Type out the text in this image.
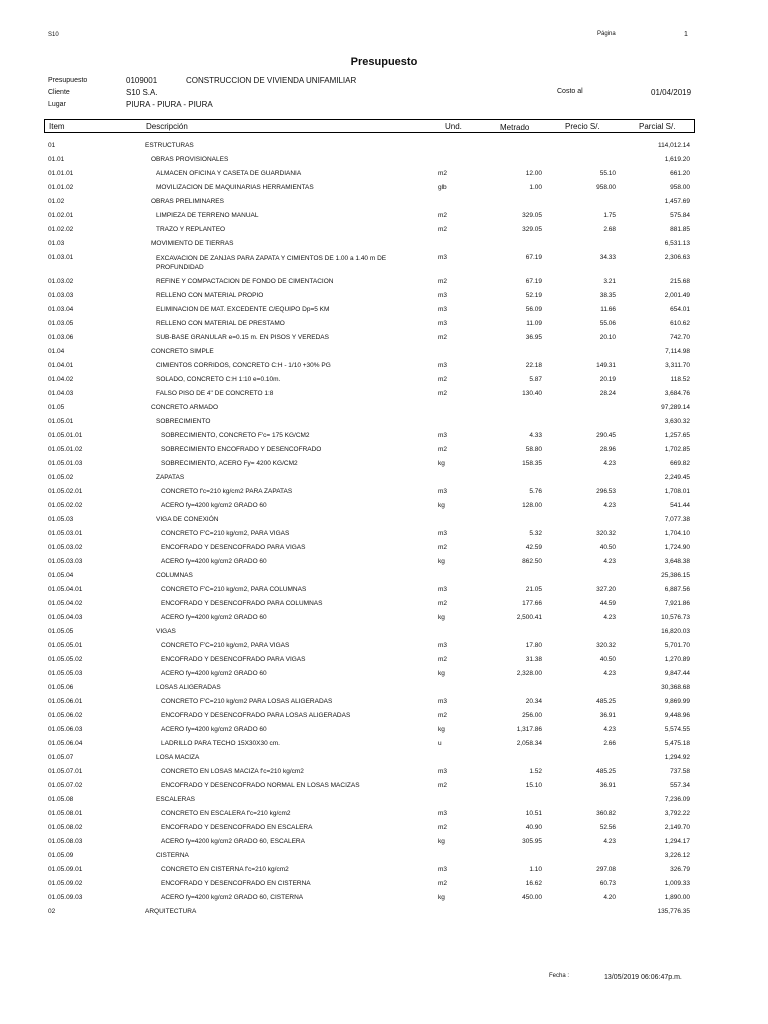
S10	Página	1
Presupuesto
Presupuesto	0109001	CONSTRUCCION DE VIVIENDA UNIFAMILIAR
Cliente	S10 S.A.	Costo al	01/04/2019
Lugar	PIURA - PIURA - PIURA
Item	Descripción	Und.	Metrado	Precio S/.	Parcial S/.
01	ESTRUCTURAS	114,012.14
01.01	OBRAS PROVISIONALES	1,619.20
01.01.01	ALMACEN OFICINA Y CASETA DE GUARDIANIA	m2	12.00	55.10	661.20
01.01.02	MOVILIZACION DE MAQUINARIAS HERRAMIENTAS	glb	1.00	958.00	958.00
01.02	OBRAS PRELIMINARES	1,457.69
01.02.01	LIMPIEZA DE TERRENO MANUAL	m2	329.05	1.75	575.84
01.02.02	TRAZO Y REPLANTEO	m2	329.05	2.68	881.85
01.03	MOVIMIENTO DE TIERRAS	6,531.13
01.03.01	EXCAVACION DE ZANJAS PARA ZAPATA Y CIMIENTOS DE 1.00 a 1.40 m DE PROFUNDIDAD
m3	67.19	34.33	2,306.63
01.03.02	REFINE Y COMPACTACION DE FONDO DE CIMENTACION	m2	67.19	3.21	215.68
01.03.03	RELLENO CON MATERIAL PROPIO	m3	52.19	38.35	2,001.49
01.03.04	ELIMINACION DE MAT. EXCEDENTE C/EQUIPO Dp=5 KM	m3	56.09	11.66	654.01
01.03.05	RELLENO CON MATERIAL DE PRESTAMO	m3	11.09	55.06	610.62
01.03.06	SUB-BASE GRANULAR e=0.15 m. EN PISOS Y VEREDAS	m2	36.95	20.10	742.70
01.04	CONCRETO SIMPLE	7,114.98
01.04.01	CIMIENTOS CORRIDOS, CONCRETO C:H - 1/10 +30% PG	m3	22.18	149.31	3,311.70
01.04.02	SOLADO, CONCRETO C:H 1:10 e=0.10m.	m2	5.87	20.19	118.52
01.04.03	FALSO PISO DE 4" DE CONCRETO 1:8	m2	130.40	28.24	3,684.76
01.05	CONCRETO ARMADO	97,289.14
01.05.01	SOBRECIMIENTO	3,630.32
01.05.01.01	SOBRECIMIENTO, CONCRETO F'c= 175 KG/CM2	m3	4.33	290.45	1,257.65
01.05.01.02	SOBRECIMIENTO ENCOFRADO Y DESENCOFRADO	m2	58.80	28.96	1,702.85
01.05.01.03	SOBRECIMIENTO, ACERO Fy= 4200 KG/CM2	kg	158.35	4.23	669.82
01.05.02	ZAPATAS	2,249.45
01.05.02.01	CONCRETO f'c=210 kg/cm2 PARA ZAPATAS	m3	5.76	296.53	1,708.01
01.05.02.02	ACERO fy=4200 kg/cm2 GRADO 60	kg	128.00	4.23	541.44
01.05.03	VIGA DE CONEXIÓN	7,077.38
01.05.03.01	CONCRETO F'C=210 kg/cm2, PARA VIGAS	m3	5.32	320.32	1,704.10
01.05.03.02	ENCOFRADO Y DESENCOFRADO PARA VIGAS	m2	42.59	40.50	1,724.90
01.05.03.03	ACERO fy=4200 kg/cm2 GRADO 60	kg	862.50	4.23	3,648.38
01.05.04	COLUMNAS	25,386.15
01.05.04.01	CONCRETO F'C=210 kg/cm2, PARA COLUMNAS	m3	21.05	327.20	6,887.56
01.05.04.02	ENCOFRADO Y DESENCOFRADO PARA COLUMNAS	m2	177.66	44.59	7,921.86
01.05.04.03	ACERO fy=4200 kg/cm2 GRADO 60	kg	2,500.41	4.23	10,576.73
01.05.05	VIGAS	16,820.03
01.05.05.01	CONCRETO F'C=210 kg/cm2, PARA VIGAS	m3	17.80	320.32	5,701.70
01.05.05.02	ENCOFRADO Y DESENCOFRADO PARA VIGAS	m2	31.38	40.50	1,270.89
01.05.05.03	ACERO fy=4200 kg/cm2 GRADO 60	kg	2,328.00	4.23	9,847.44
01.05.06	LOSAS ALIGERADAS	30,368.68
01.05.06.01	CONCRETO F'C=210 kg/cm2 PARA LOSAS ALIGERADAS	m3	20.34	485.25	9,869.99
01.05.06.02	ENCOFRADO Y DESENCOFRADO PARA LOSAS ALIGERADAS	m2	256.00	36.91	9,448.96
01.05.06.03	ACERO fy=4200 kg/cm2 GRADO 60	kg	1,317.86	4.23	5,574.55
01.05.06.04	LADRILLO PARA TECHO 15X30X30 cm.	u	2,058.34	2.66	5,475.18
01.05.07	LOSA MACIZA	1,294.92
01.05.07.01	CONCRETO EN LOSAS MACIZA f'c=210 kg/cm2	m3	1.52	485.25	737.58
01.05.07.02	ENCOFRADO Y DESENCOFRADO NORMAL EN LOSAS MACIZAS	m2	15.10	36.91	557.34
01.05.08	ESCALERAS	7,236.09
01.05.08.01	CONCRETO EN ESCALERA f'c=210 kg/cm2	m3	10.51	360.82	3,792.22
01.05.08.02	ENCOFRADO Y DESENCOFRADO EN ESCALERA	m2	40.90	52.56	2,149.70
01.05.08.03	ACERO fy=4200 kg/cm2 GRADO 60, ESCALERA	kg	305.95	4.23	1,294.17
01.05.09	CISTERNA	3,226.12
01.05.09.01	CONCRETO EN CISTERNA f'c=210 kg/cm2	m3	1.10	297.08	326.79
01.05.09.02	ENCOFRADO Y DESENCOFRADO EN CISTERNA	m2	16.62	60.73	1,009.33
01.05.09.03	ACERO fy=4200 kg/cm2 GRADO 60, CISTERNA	kg	450.00	4.20	1,890.00
02	ARQUITECTURA	135,776.35
Fecha :	13/05/2019 06:06:47p.m.
